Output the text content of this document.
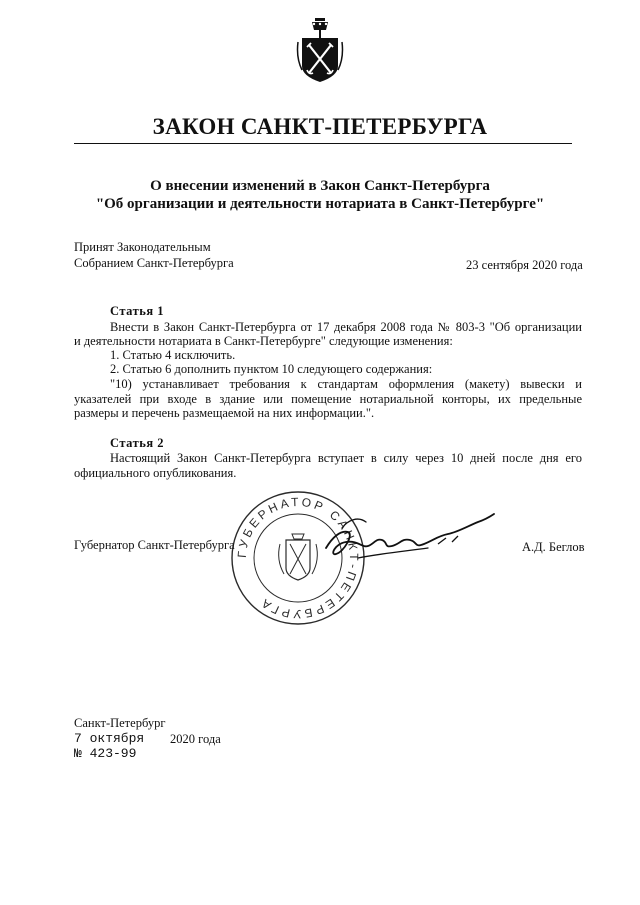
ЗАКОН САНКТ-ПЕТЕРБУРГА
О внесении изменений в Закон Санкт-Петербурга
"Об организации и деятельности нотариата в Санкт-Петербурге"
Принят Законодательным
Собранием Санкт-Петербурга	23 сентября 2020 года
Статья 1
Внести в Закон Санкт-Петербурга от 17 декабря 2008 года № 803-3 "Об организации
и деятельности нотариата в Санкт-Петербурге" следующие изменения:
1. Статью 4 исключить.
2. Статью 6 дополнить пунктом 10 следующего содержания:
"10) устанавливает требования к стандартам оформления (макету) вывески и
указателей при входе в здание или помещение нотариальной конторы, их предельные
размеры и перечень размещаемой на них информации.".
Статья 2
Настоящий Закон Санкт-Петербурга вступает в силу через 10 дней после дня его
официального опубликования.
ГУБЕРНАТОР САНКТ-ПЕТЕРБУРГА
Губернатор Санкт-Петербурга	А.Д. Беглов
Санкт-Петербург
7 октября 2020 года
№ 423-99
